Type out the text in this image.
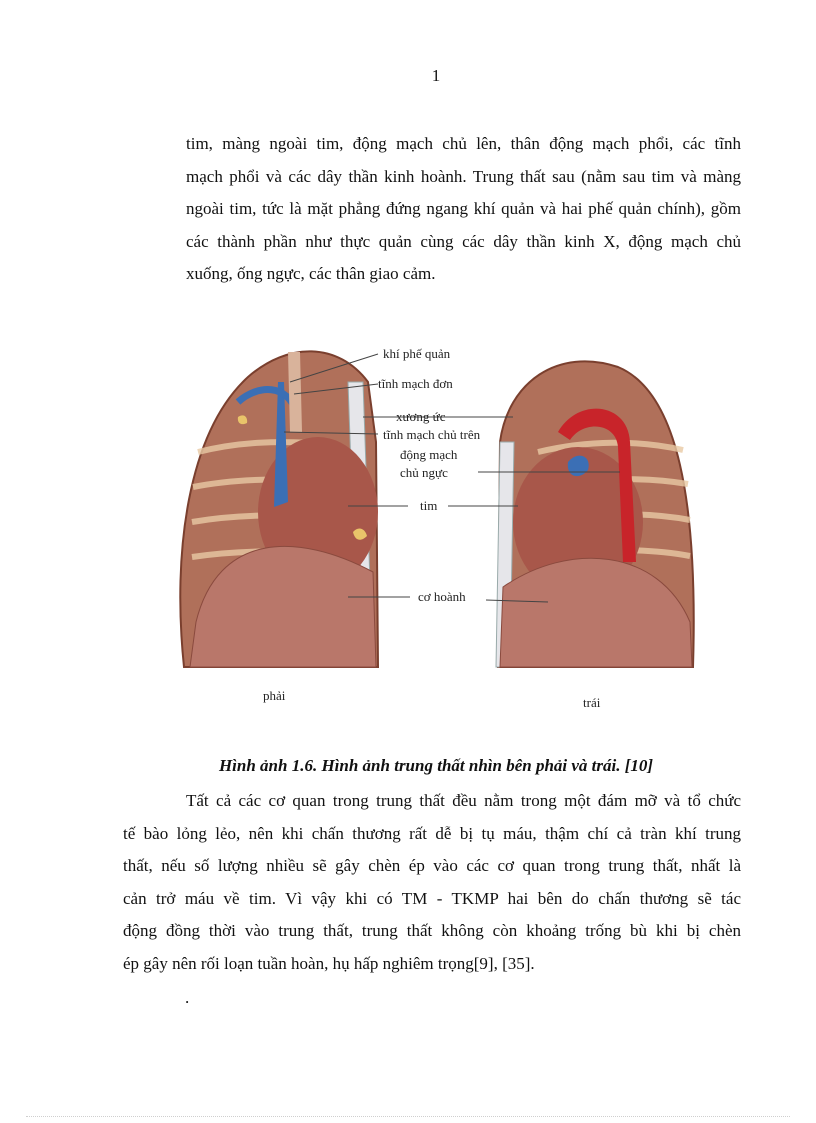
1
tim, màng ngoài tim, động mạch chủ lên, thân động mạch phổi, các tĩnh
mạch phổi và các dây thần kinh hoành. Trung thất sau (nằm sau tim và màng
ngoài tim, tức là mặt phẳng đứng ngang khí quản và hai phế quản chính), gồm
các thành phần như thực quản cùng các dây thần kinh X, động mạch chủ
xuống, ống ngực, các thân giao cảm.
khí phế quản
tĩnh mạch đơn
xương ức
tĩnh mạch chủ trên
động mạch
chủ ngực
tim
cơ hoành
phải	trái
Hình ảnh 1.6. Hình ảnh trung thất nhìn bên phải và trái. [10]
Tất cả các cơ quan trong trung thất đều nằm trong một đám mỡ và tổ chức
tế bào lỏng lẻo, nên khi chấn thương rất dễ bị tụ máu, thậm chí cả tràn khí trung
thất, nếu số lượng nhiều sẽ gây chèn ép vào các cơ quan trong trung thất, nhất là
cản trở máu về tim. Vì vậy khi có TM - TKMP hai bên do chấn thương sẽ tác
động đồng thời vào trung thất, trung thất không còn khoảng trống bù khi bị chèn
ép gây nên rối loạn tuần hoàn, hụ hấp nghiêm trọng[9], [35].
.
